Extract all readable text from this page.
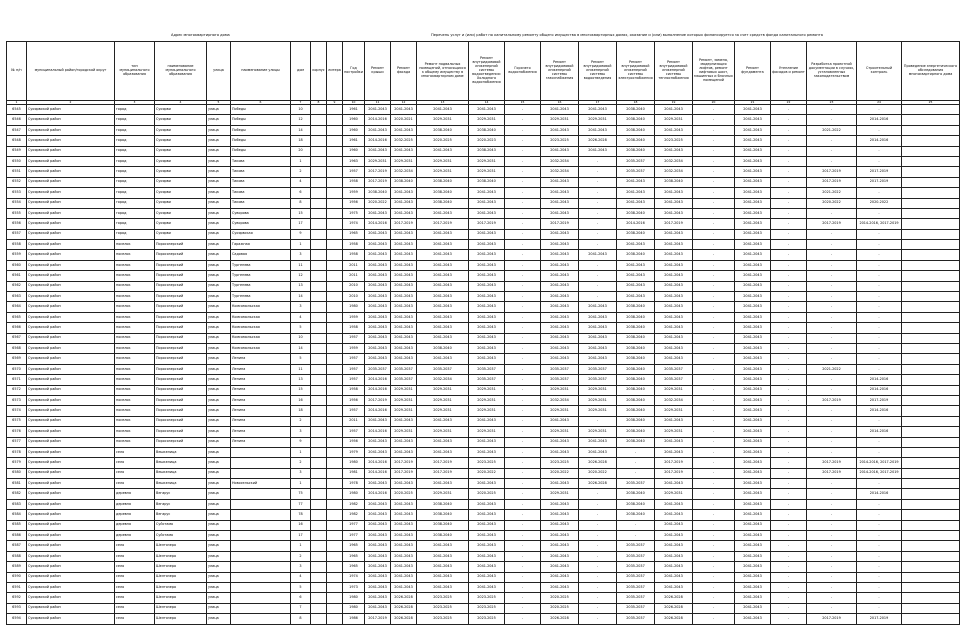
Адрес многоквартирного дома	Перечень услуг и (или) работ по капитальному ремонту общего имущества в многоквартирных домах, оказание и (или) выполнение которых финансируется за счет средств фонда капитального ремонта
№ п/п	муниципальный район/городской округ	тип муниципального образования	наименование муниципального образования	улица	наименование улицы	дом	корпус	литера	Год постройки	Ремонт крыши	Ремонт фасада	Ремонт подвальных помещений, относящихся к общему имуществу в многоквартирном доме	Ремонт внутридомовой инженерной системы водоотведения: Холодного водоснабжения	Горячего водоснабжения	Ремонт внутридомовой инженерной системы газоснабжения	Ремонт внутридомовой инженерной системы водоотведения	Ремонт внутридомовой инженерной системы электроснабжения	Ремонт внутридомовой инженерной системы теплоснабжения	Ремонт, замена, модернизация лифтов, ремонт лифтовых шахт, машинных и блочных помещений	Ремонт фундамента	Утепление фасадов и ремонт	Разработка проектной документации в случаях, установленных законодательством	Строительный контроль	Проведение энергетического обследования многоквартирного дома
1	2	3	4	5	6	7	8	9	10	11	12	13	14	15	16	17	18	19	20	21	22	23	24	25
6545	Суоярвский район	город	Суоярви	улица	Победы	10			1961	2041-2043	2041-2043	2041-2043	2041-2043	-	2041-2043	2041-2043	2038-2040	2041-2043	-	2041-2043	-	-	-	
6546	Суоярвский район	город	Суоярви	улица	Победы	12			1960	2014-2016	2020-2021	2029-2031	2029-2031	-	2029-2031	2029-2031	2038-2040	2029-2031	-	2041-2043	-	-	2014-2016	
6547	Суоярвский район	город	Суоярви	улица	Победы	14			1960	2041-2043	2041-2043	2038-2040	2038-2040	-	2041-2043	2041-2043	2038-2040	2041-2043	-	2041-2043	-	2021-2022	-	
6548	Суоярвский район	город	Суоярви	улица	Победы	18			1961	2014-2016	2032-2025	2020-2025	2020-2023	-	2023-2025	2026-2028	2038-2040	2023-2025	-	2041-2043	-	-	2014-2016	
6549	Суоярвский район	город	Суоярви	улица	Победы	20			1960	2041-2043	2041-2043	2041-2043	2038-2043	-	2041-2043	2041-2043	2038-2040	2041-2043	-	2041-2043	-	-	-	
6550	Суоярвский район	город	Суоярви	улица	Тикова	1			1963	2029-2031	2029-2031	2029-2031	2029-2031	-	2032-2034	-	2035-2037	2032-2034	-	2041-2043	-	-	-	
6551	Суоярвский район	город	Суоярви	улица	Тикова	2			1957	2017-2019	2032-2034	2029-2031	2029-2031	-	2032-2034	-	2035-2037	2032-2034	-	2041-2043	-	2017-2019	2017-2019	
6552	Суоярвский район	город	Суоярви	улица	Тикова	4			1958	2017-2019	2038-2040	2038-2040	2038-2040	-	2041-2043	-	2041-2043	2038-2040	-	2041-2043	-	2017-2019	2017-2019	
6553	Суоярвский район	город	Суоярви	улица	Тикова	6			1959	2038-2040	2041-2043	2038-2040	2041-2043	-	2041-2043	-	2041-2043	2041-2043	-	2041-2043	-	2021-2022	-	
6554	Суоярвский район	город	Суоярви	улица	Тикова	8			1956	2020-2022	2041-2043	2038-2040	2041-2043	-	2041-2043	-	2041-2043	2041-2043	-	2041-2043	-	2020-2022	2020-2022	
6555	Суоярвский район	город	Суоярви	улица	Суворова	15			1975	2041-2043	2041-2043	2041-2043	2041-2043	-	2041-2043	-	2038-2040	2041-2043	-	2041-2043	-	-	-	
6556	Суоярвский район	город	Суоярви	улица	Суворова	17			1974	2014-2016	2017-2019	2017-2019	2017-2019	-	2017-2019	-	2014-2016	2017-2019	-	2041-2043	-	2017-2019	2014-2016, 2017-2019	
6557	Суоярвский район	город	Суоярви	улица	Суоярвская	9			1965	2041-2043	2041-2043	2041-2043	2041-2043	-	2041-2043	-	2038-2040	2041-2043	-	2041-2043	-	-	-	
6558	Суоярвский район	поселок	Поросозерский	улица	Гаражная	1			1958	2041-2043	2041-2043	2041-2043	2041-2043	-	2041-2043	-	2041-2043	2041-2043	-	2041-2043	-	-	-	
6559	Суоярвский район	поселок	Поросозерский	улица	Садовая	3			1958	2041-2043	2041-2043	2041-2043	2041-2043	-	2041-2043	2041-2043	2038-2040	2041-2043	-	2041-2043	-	-	-	
6560	Суоярвский район	поселок	Поросозерский	улица	Тургенева	11			2011	2041-2043	2041-2043	2041-2043	2041-2043	-	2041-2043	-	2041-2043	2041-2043	-	2041-2043	-	-	-	
6561	Суоярвский район	поселок	Поросозерский	улица	Тургенева	12			2011	2041-2043	2041-2043	2041-2043	2041-2043	-	2041-2043	-	2041-2043	2041-2043	-	2041-2043	-	-	-	
6562	Суоярвский район	поселок	Поросозерский	улица	Тургенева	13			2010	2041-2043	2041-2043	2041-2043	2041-2043	-	2041-2043	-	2041-2043	2041-2043	-	2041-2043	-	-	-	
6563	Суоярвский район	поселок	Поросозерский	улица	Тургенева	14			2010	2041-2043	2041-2043	2041-2043	2041-2043	-	2041-2043	-	2041-2043	2041-2043	-	2041-2043	-	-	-	
6564	Суоярвский район	поселок	Поросозерский	улица	Комсомольская	3			1980	2041-2043	2041-2043	2041-2043	2041-2043	-	2041-2043	2041-2043	2038-2040	2041-2043	-	2041-2043	-	-	-	
6565	Суоярвский район	поселок	Поросозерский	улица	Комсомольская	4			1959	2041-2043	2041-2043	2041-2043	2041-2043	-	2041-2043	2041-2043	2038-2040	2041-2043	-	2041-2043	-	-	-	
6566	Суоярвский район	поселок	Поросозерский	улица	Комсомольская	5			1958	2041-2043	2041-2043	2041-2043	2041-2043	-	2041-2043	2041-2043	2038-2040	2041-2043	-	2041-2043	-	-	-	
6567	Суоярвский район	поселок	Поросозерский	улица	Комсомольская	10			1957	2041-2043	2041-2043	2041-2043	2041-2043	-	2041-2043	2041-2043	2038-2040	2041-2043	-	2041-2043	-	-	-	
6568	Суоярвский район	поселок	Поросозерский	улица	Комсомольская	14			1959	2041-2043	2041-2043	2038-2040	2041-2043	-	2041-2043	2041-2043	2038-2040	2041-2043	-	2041-2043	-	-	-	
6569	Суоярвский район	поселок	Поросозерский	улица	Ленина	5			1957	2041-2043	2041-2043	2041-2043	2041-2043	-	2041-2043	2041-2043	2038-2040	2041-2043	-	2041-2043	-	-	-	
6570	Суоярвский район	поселок	Поросозерский	улица	Ленина	11			1957	2035-2037	2035-2037	2035-2037	2035-2037	-	2035-2037	2035-2037	2038-2040	2035-2037	-	2041-2043	-	2021-2022	-	
6571	Суоярвский район	поселок	Поросозерский	улица	Ленина	13			1957	2014-2016	2035-2037	2032-2034	2035-2037	-	2035-2037	2035-2037	2038-2040	2035-2037	-	2041-2043	-	-	2014-2016	
6572	Суоярвский район	поселок	Поросозерский	улица	Ленина	15			1958	2014-2016	2029-2031	2029-2031	2029-2031	-	2029-2031	2029-2031	2038-2040	2029-2031	-	2041-2043	-	-	2014-2016	
6573	Суоярвский район	поселок	Поросозерский	улица	Ленина	16			1956	2017-2019	2029-2031	2029-2031	2029-2031	-	2032-2034	2029-2031	2038-2040	2032-2034	-	2041-2043	-	2017-2019	2017-2019	
6574	Суоярвский район	поселок	Поросозерский	улица	Ленина	18			1957	2014-2016	2029-2031	2029-2031	2029-2031	-	2029-2031	2029-2031	2038-2040	2029-2031	-	2041-2043	-	-	2014-2016	
6575	Суоярвский район	поселок	Поросозерский	улица	Ленина	2			2011	2041-2043	2041-2043	2041-2043	2041-2043	-	2041-2043	-	2038-2040	2041-2043	-	2041-2043	-	-	-	
6576	Суоярвский район	поселок	Поросозерский	улица	Ленина	3			1957	2014-2016	2029-2031	2029-2031	2029-2031	-	2029-2031	2029-2031	2038-2040	2029-2031	-	2041-2043	-	-	2014-2016	
6577	Суоярвский район	поселок	Поросозерский	улица	Ленина	9			1956	2041-2043	2041-2043	2041-2043	2041-2043	-	2041-2043	2041-2043	2038-2040	2041-2043	-	2041-2043	-	-	-	
6578	Суоярвский район	село	Вешкелица	улица		1			1979	2041-2043	2041-2043	2041-2043	2041-2043	-	2041-2043	2041-2043	-	2041-2043	-	2041-2043	-	-	-	
6579	Суоярвский район	село	Вешкелица	улица		2			1980	2014-2016	2017-2019	2017-2019	2023-2025	-	2023-2025	2026-2028	-	2017-2019	-	2041-2043	-	2017-2019	2014-2016, 2017-2019	
6580	Суоярвский район	село	Вешкелица	улица		3			1981	2014-2016	2017-2019	2017-2019	2020-2022	-	2020-2022	2020-2022	-	2017-2019	-	2041-2043	-	2017-2019	2014-2016, 2017-2019	
6581	Суоярвский район	село	Вешкелица	улица	Новосельский	1			1978	2041-2043	2041-2043	2041-2043	2041-2043	-	2041-2043	2026-2028	2035-2037	2041-2043	-	2041-2043	-	-	-	
6582	Суоярвский район	деревня	Вегарус	улица		75			1980	2014-2016	2020-2025	2029-2031	2020-2025	-	2029-2031	-	2038-2040	2029-2031	-	2041-2043	-	-	2014-2016	
6583	Суоярвский район	деревня	Вегарус	улица		77			1982	2041-2043	2041-2043	2038-2040	2041-2043	-	2041-2043	-	2038-2040	2041-2043	-	2041-2043	-	-	-	
6584	Суоярвский район	деревня	Вегарус	улица		78			1982	2041-2043	2041-2043	2038-2040	2041-2043	-	2041-2043	-	2038-2040	2041-2043	-	2041-2043	-	-	-	
6585	Суоярвский район	деревня	Суйстамо	улица		16			1977	2041-2043	2041-2043	2038-2040	2041-2043	-	2041-2043	-	-	2041-2043	-	2041-2043	-	-	-	
6586	Суоярвский район	деревня	Суйстамо	улица		17			1977	2041-2043	2041-2043	2038-2040	2041-2043	-	2041-2043	-	-	2041-2043	-	2041-2043	-	-	-	
6587	Суоярвский район	село	Шелтозеро	улица		1			1965	2041-2043	2041-2043	2041-2043	2041-2043	-	2041-2043	-	2035-2037	2041-2043	-	2041-2043	-	-	-	
6588	Суоярвский район	село	Шелтозеро	улица		2			1965	2041-2043	2041-2043	2041-2043	2041-2043	-	2041-2043	-	2035-2037	2041-2043	-	2041-2043	-	-	-	
6589	Суоярвский район	село	Шелтозеро	улица		3			1965	2041-2043	2041-2043	2041-2043	2041-2043	-	2041-2043	-	2035-2037	2041-2043	-	2041-2043	-	-	-	
6590	Суоярвский район	село	Шелтозеро	улица		4			1974	2041-2043	2041-2043	2041-2043	2041-2043	-	2041-2043	-	2035-2037	2041-2043	-	2041-2043	-	-	-	
6591	Суоярвский район	село	Шелтозеро	улица		5			1973	2041-2043	2041-2043	2041-2043	2041-2043	-	2041-2043	-	2035-2037	2041-2043	-	2041-2043	-	-	-	
6592	Суоярвский район	село	Шелтозеро	улица		6			1980	2041-2043	2026-2028	2023-2025	2023-2025	-	2020-2025	-	2035-2037	2026-2028	-	2041-2043	-	-	-	
6593	Суоярвский район	село	Шелтозеро	улица		7			1980	2041-2043	2026-2028	2023-2025	2023-2025	-	2020-2025	-	2035-2037	2026-2028	-	2041-2043	-	-	-	
6594	Суоярвский район	село	Шелтозеро	улица		8			1986	2017-2019	2026-2028	2023-2025	2023-2025	-	2026-2028	-	2035-2037	2026-2028	-	2041-2043	-	2017-2019	2017-2019	
